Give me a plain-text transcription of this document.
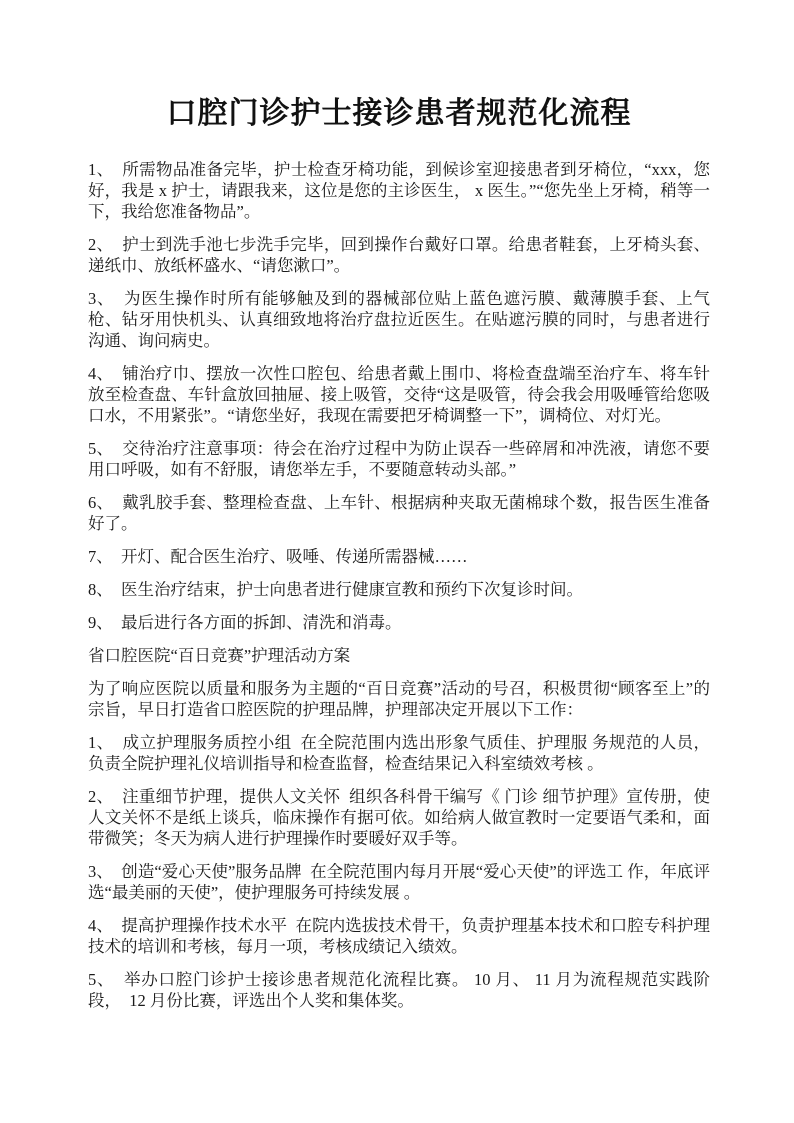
口腔门诊护士接诊患者规范化流程

1、  所需物品准备完毕，护士检查牙椅功能，到候诊室迎接患者到牙椅位，“xxx，您好，我是 x 护士，请跟我来，这位是您的主诊医生， x 医生。”“您先坐上牙椅，稍等一下，我给您准备物品”。

2、  护士到洗手池七步洗手完毕，回到操作台戴好口罩。给患者鞋套，上牙椅头套、递纸巾、放纸杯盛水、“请您漱口”。

3、  为医生操作时所有能够触及到的器械部位贴上蓝色遮污膜、戴薄膜手套、上气枪、钻牙用快机头、认真细致地将治疗盘拉近医生。在贴遮污膜的同时，与患者进行沟通、询问病史。

4、  铺治疗巾、摆放一次性口腔包、给患者戴上围巾、将检查盘端至治疗车、将车针放至检查盘、车针盒放回抽屉、接上吸管，交待“这是吸管，待会我会用吸唾管给您吸口水，不用紧张”。“请您坐好，我现在需要把牙椅调整一下”，调椅位、对灯光。

5、  交待治疗注意事项：待会在治疗过程中为防止误吞一些碎屑和冲洗液，请您不要用口呼吸，如有不舒服，请您举左手，不要随意转动头部。”

6、  戴乳胶手套、整理检查盘、上车针、根据病种夹取无菌棉球个数，报告医生准备好了。

7、  开灯、配合医生治疗、吸唾、传递所需器械……

8、  医生治疗结束，护士向患者进行健康宣教和预约下次复诊时间。

9、  最后进行各方面的拆卸、清洗和消毒。

省口腔医院“百日竞赛”护理活动方案

为了响应医院以质量和服务为主题的“百日竞赛”活动的号召，积极贯彻“顾客至上”的宗旨，早日打造省口腔医院的护理品牌，护理部决定开展以下工作：

1、  成立护理服务质控小组  在全院范围内选出形象气质佳、护理服 务规范的人员，负责全院护理礼仪培训指导和检查监督，检查结果记入科室绩效考核 。

2、  注重细节护理，提供人文关怀  组织各科骨干编写《 门诊 细节护理》宣传册，使人文关怀不是纸上谈兵，临床操作有据可依。如给病人做宣教时一定要语气柔和，面带微笑；冬天为病人进行护理操作时要暖好双手等。

3、  创造“爱心天使”服务品牌  在全院范围内每月开展“爱心天使”的评选工 作，年底评选“最美丽的天使”，使护理服务可持续发展 。

4、  提高护理操作技术水平  在院内选拔技术骨干，负责护理基本技术和口腔专科护理技术的培训和考核，每月一项，考核成绩记入绩效。

5、  举办口腔门诊护士接诊患者规范化流程比赛。 10 月、 11 月为流程规范实践阶段，  12 月份比赛，评选出个人奖和集体奖。
